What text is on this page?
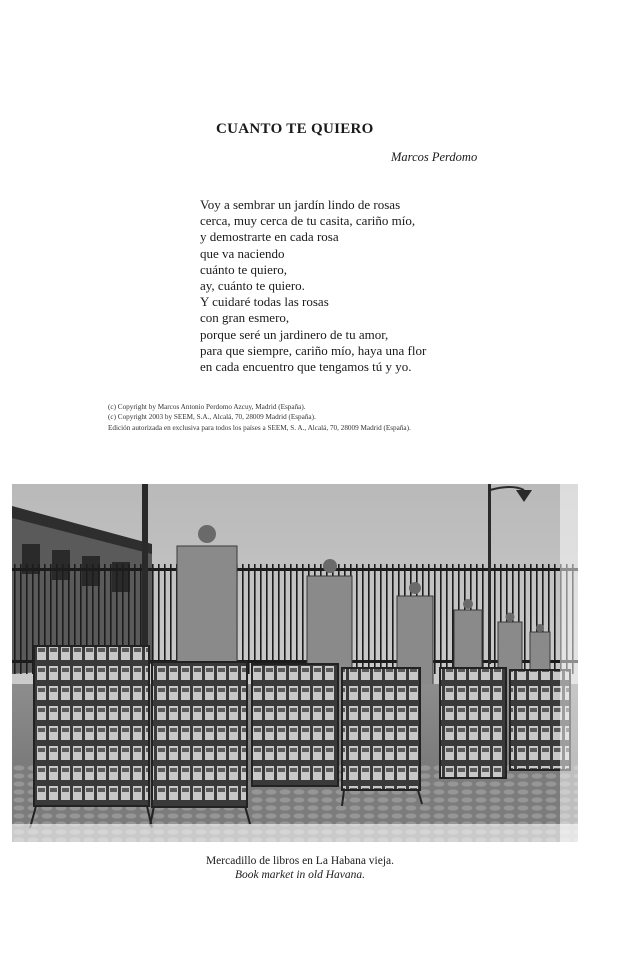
CUANTO TE QUIERO
Marcos Perdomo
Voy a sembrar un jardín lindo de rosas
cerca, muy cerca de tu casita, cariño mío,
y demostrarte en cada rosa
que va naciendo
cuánto te quiero,
ay, cuánto te quiero.
Y cuidaré todas las rosas
con gran esmero,
porque seré un jardinero de tu amor,
para que siempre, cariño mío, haya una flor
en cada encuentro que tengamos tú y yo.
(c) Copyright by Marcos Antonio Perdomo Azcuy, Madrid (España).
(c) Copyright 2003 by SEEM, S.A., Alcalá, 70, 28009 Madrid (España).
Edición autorizada en exclusiva para todos los países a SEEM, S. A., Alcalá, 70, 28009 Madrid (España).
Mercadillo de libros en La Habana vieja.
Book market in old Havana.
